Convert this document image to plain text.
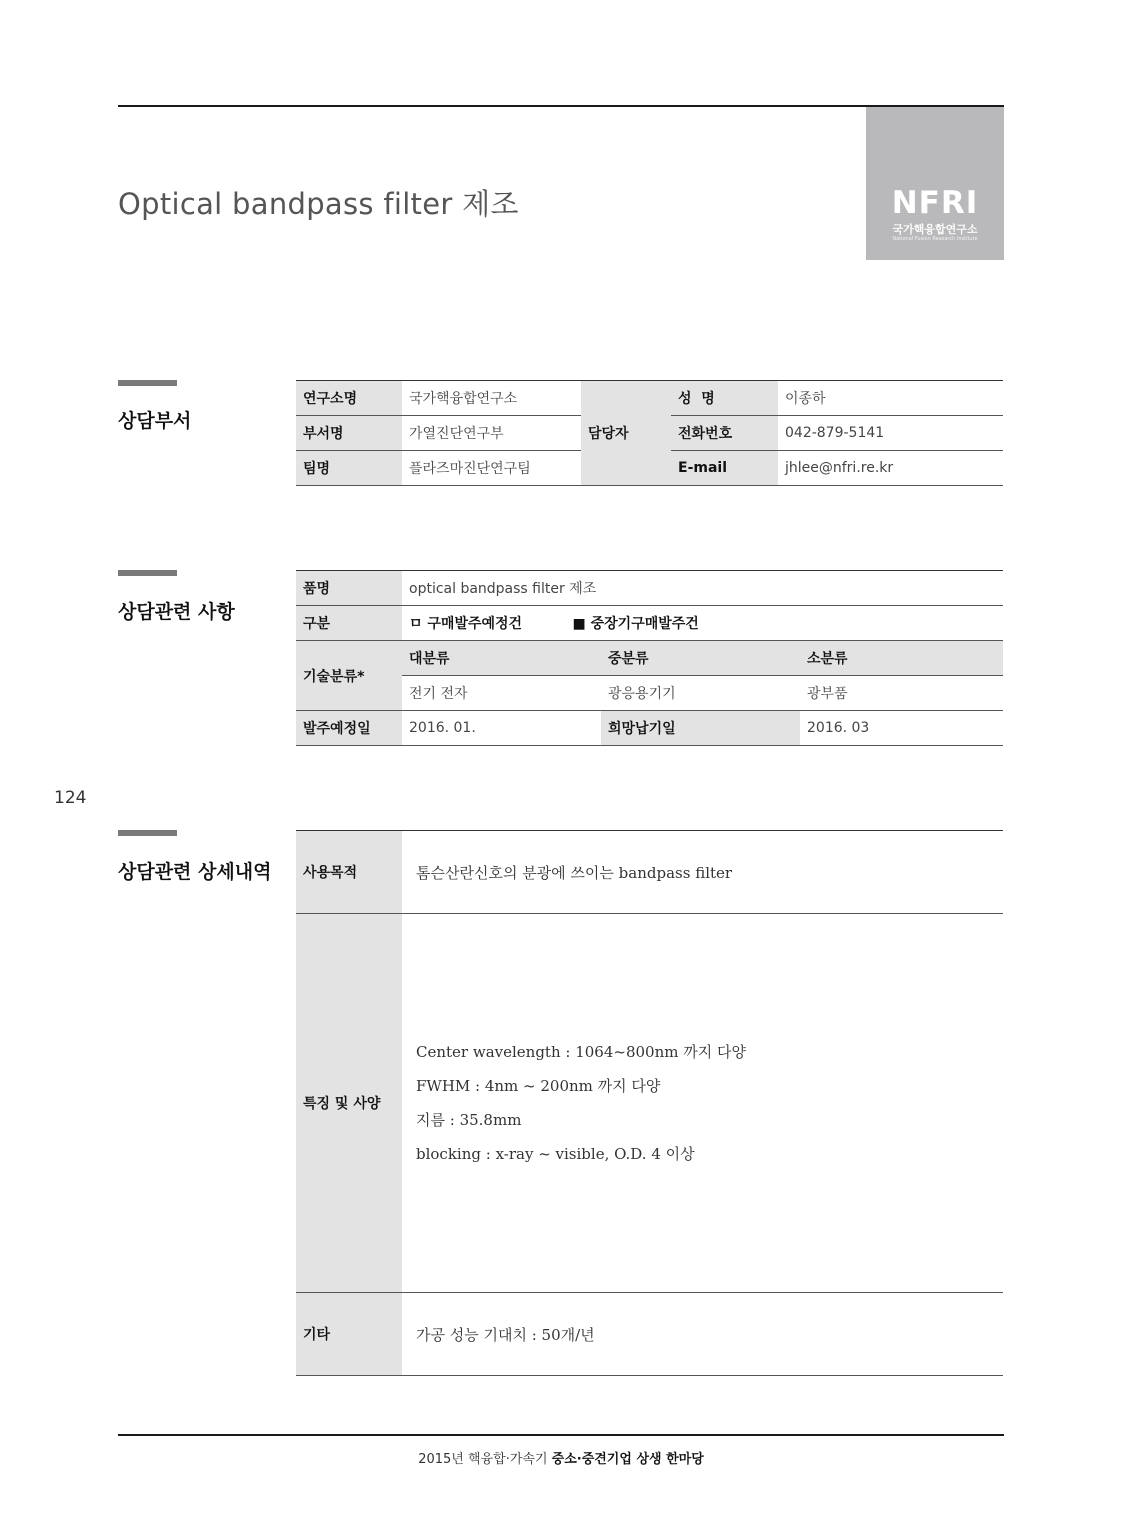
Optical bandpass filter 제조	NFRI
국가핵융합연구소
National Fusion Research Institute
상담부서
연구소명	국가핵융합연구소	담당자	성  명	이종하
부서명	가열진단연구부		전화번호	042-879-5141
팀명	플라즈마진단연구팀		E-mail	jhlee@nfri.re.kr
상담관련 사항
품명	optical bandpass filter 제조		
구분	ㅁ 구매발주예정건 ■ 중장기구매발주건		
기술분류*	대분류	중분류	소분류
	전기 전자	광응용기기	광부품
발주예정일	2016. 01.	희망납기일	2016. 03
124
상담관련 상세내역 사용목적	톰슨산란신호의 분광에 쓰이는 bandpass filter
특징 및 사양	Center wavelength : 1064~800nm 까지 다양
FWHM : 4nm ~ 200nm 까지 다양
지름 : 35.8mm
blocking : x-ray ~ visible, O.D. 4 이상

기타	가공 성능 기대치 : 50개/년
2015년 핵융합·가속기 중소·중견기업 상생 한마당
